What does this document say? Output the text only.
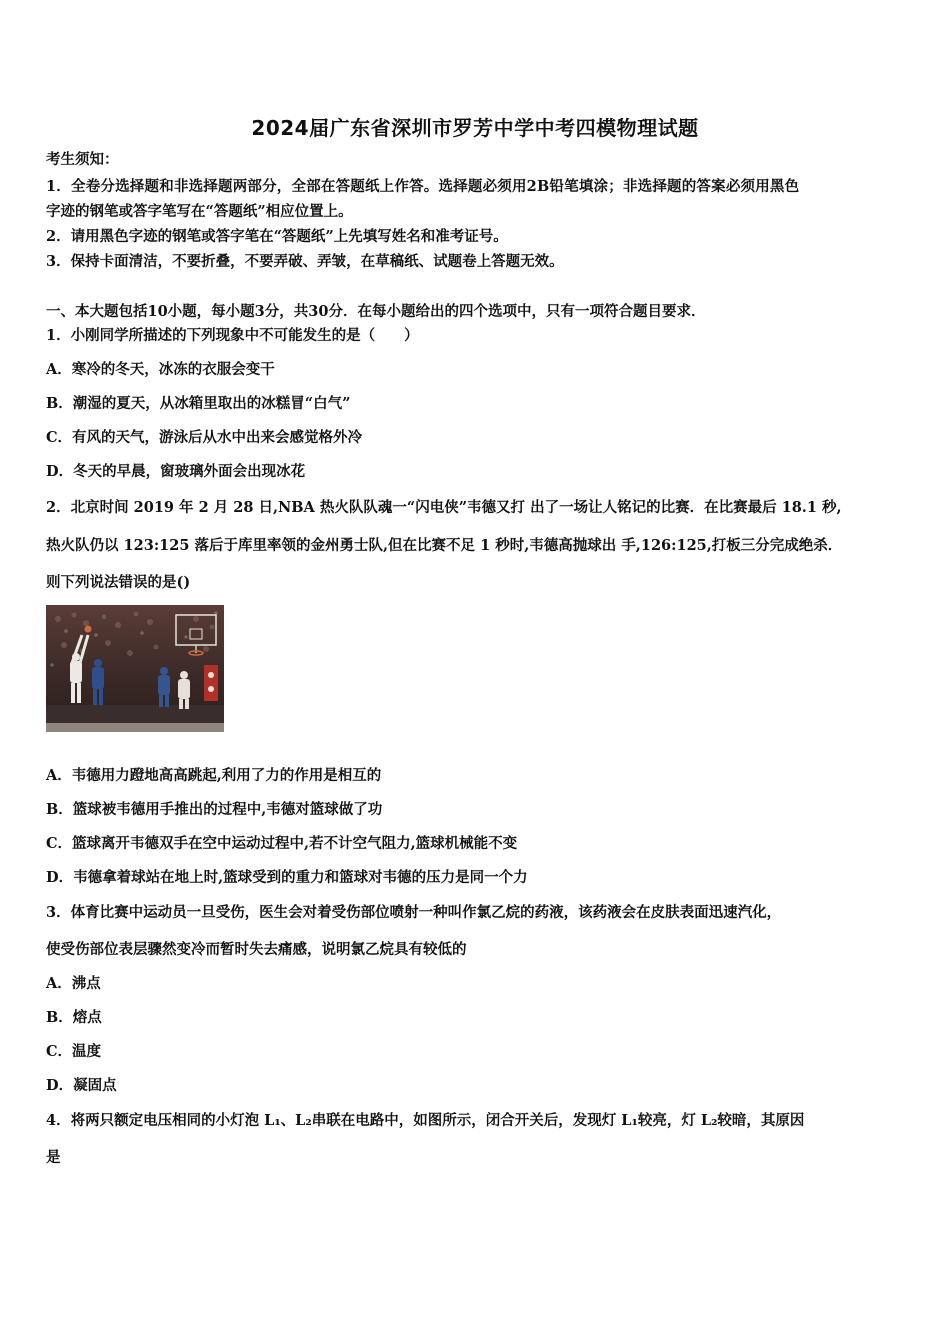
2024届广东省深圳市罗芳中学中考四模物理试题
考生须知：
1．全卷分选择题和非选择题两部分，全部在答题纸上作答。选择题必须用2B铅笔填涂；非选择题的答案必须用黑色
字迹的钢笔或答字笔写在“答题纸”相应位置上。
2．请用黑色字迹的钢笔或答字笔在“答题纸”上先填写姓名和准考证号。
3．保持卡面清洁，不要折叠，不要弄破、弄皱，在草稿纸、试题卷上答题无效。
一、本大题包括10小题，每小题3分，共30分．在每小题给出的四个选项中，只有一项符合题目要求．
1．小刚同学所描述的下列现象中不可能发生的是（　　）
A．寒冷的冬天，冰冻的衣服会变干
B．潮湿的夏天，从冰箱里取出的冰糕冒“白气”
C．有风的天气，游泳后从水中出来会感觉格外冷
D．冬天的早晨，窗玻璃外面会出现冰花
2．北京时间 2019 年 2 月 28 日,NBA 热火队队魂一“闪电侠”韦德又打 出了一场让人铭记的比赛．在比赛最后 18.1 秒,
热火队仍以 123:125 落后于库里率领的金州勇士队,但在比赛不足 1 秒时,韦德高抛球出 手,126:125,打板三分完成绝杀．
则下列说法错误的是()
A．韦德用力蹬地高高跳起,利用了力的作用是相互的
B．篮球被韦德用手推出的过程中,韦德对篮球做了功
C．篮球离开韦德双手在空中运动过程中,若不计空气阻力,篮球机械能不变
D．韦德拿着球站在地上时,篮球受到的重力和篮球对韦德的压力是同一个力
3．体育比赛中运动员一旦受伤，医生会对着受伤部位喷射一种叫作氯乙烷的药液，该药液会在皮肤表面迅速汽化，
使受伤部位表层骤然变冷而暂时失去痛感，说明氯乙烷具有较低的
A．沸点
B．熔点
C．温度
D．凝固点
4．将两只额定电压相同的小灯泡 L₁、L₂串联在电路中，如图所示，闭合开关后，发现灯 L₁较亮，灯 L₂较暗，其原因
是
